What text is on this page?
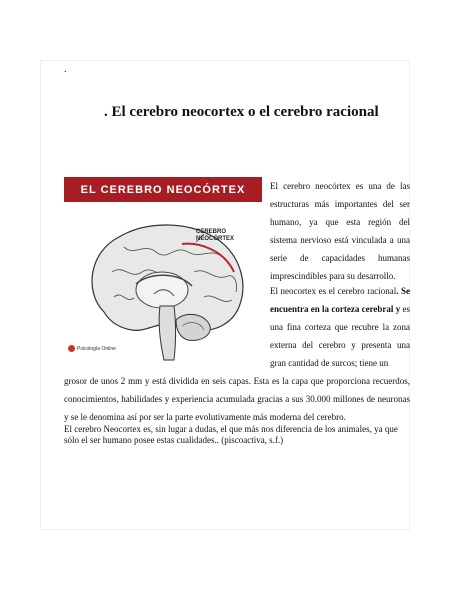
.
. El cerebro neocortex o el cerebro racional
EL CEREBRO NEOCÓRTEX
CEREBRO
NEOCÓRTEX
Psicología Online

El cerebro neocórtex es una de las estructuras más importantes del ser humano, ya que esta región del sistema nervioso está vinculada a una serie de capacidades humanas imprescindibles para su desarrollo.

El neocortex es el cerebro racional. Se encuentra en la corteza cerebral y es una fina corteza que recubre la zona externa del cerebro y presenta una gran cantidad de surcos; tiene un
grosor de unos 2 mm y está dividida en seis capas. Esta es la capa que proporciona recuerdos, conocimientos, habilidades y experiencia acumulada gracias a sus 30.000 millones de neuronas y se le denomina así por ser la parte evolutivamente más moderna del cerebro.
El cerebro Neocortex es, sin lugar a dudas, el que más nos diferencia de los animales, ya que sólo el ser humano posee estas cualidades.. (piscoactiva, s.f.)
